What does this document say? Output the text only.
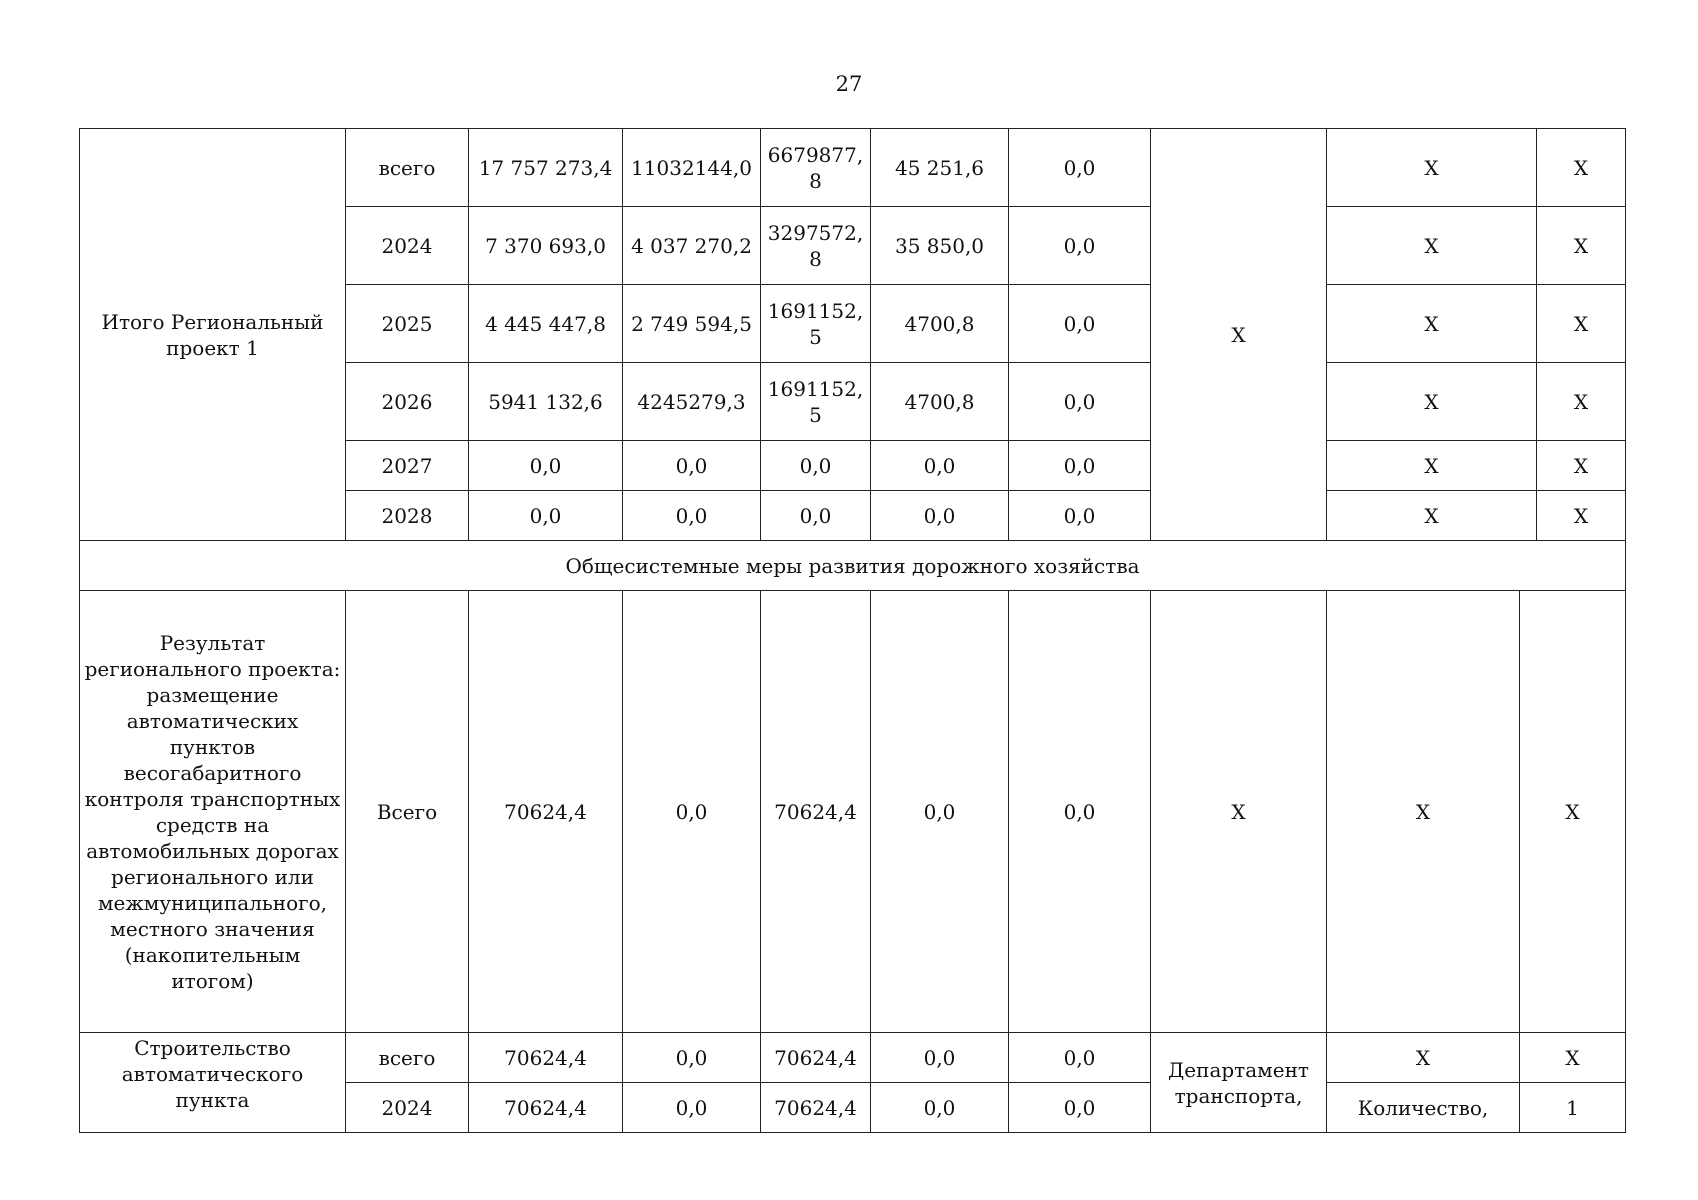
27
Итого Региональный проект 1	всего	17 757 273,4	11032144,0	6679877,8	45 251,6	0,0	X	X		X
	2024	7 370 693,0	4 037 270,2	3297572,8	35 850,0	0,0		X		X
	2025	4 445 447,8	2 749 594,5	1691152,5	4700,8	0,0		X		X
	2026	5941 132,6	4245279,3	1691152,5	4700,8	0,0		X		X
	2027	0,0	0,0	0,0	0,0	0,0		X		X
	2028	0,0	0,0	0,0	0,0	0,0		X		X
Общесистемные меры развития дорожного хозяйства										
Результат регионального проекта: размещение автоматических пунктов весогабаритного контроля транспортных средств на автомобильных дорогах регионального или межмуниципального, местного значения (накопительным итогом)	Всего	70624,4	0,0	70624,4	0,0	0,0	X	X	X	
Строительство автоматического пункта	всего	70624,4	0,0	70624,4	0,0	0,0	Департамент транспорта,	X	X	
	2024	70624,4	0,0	70624,4	0,0	0,0		Количество,	1	
